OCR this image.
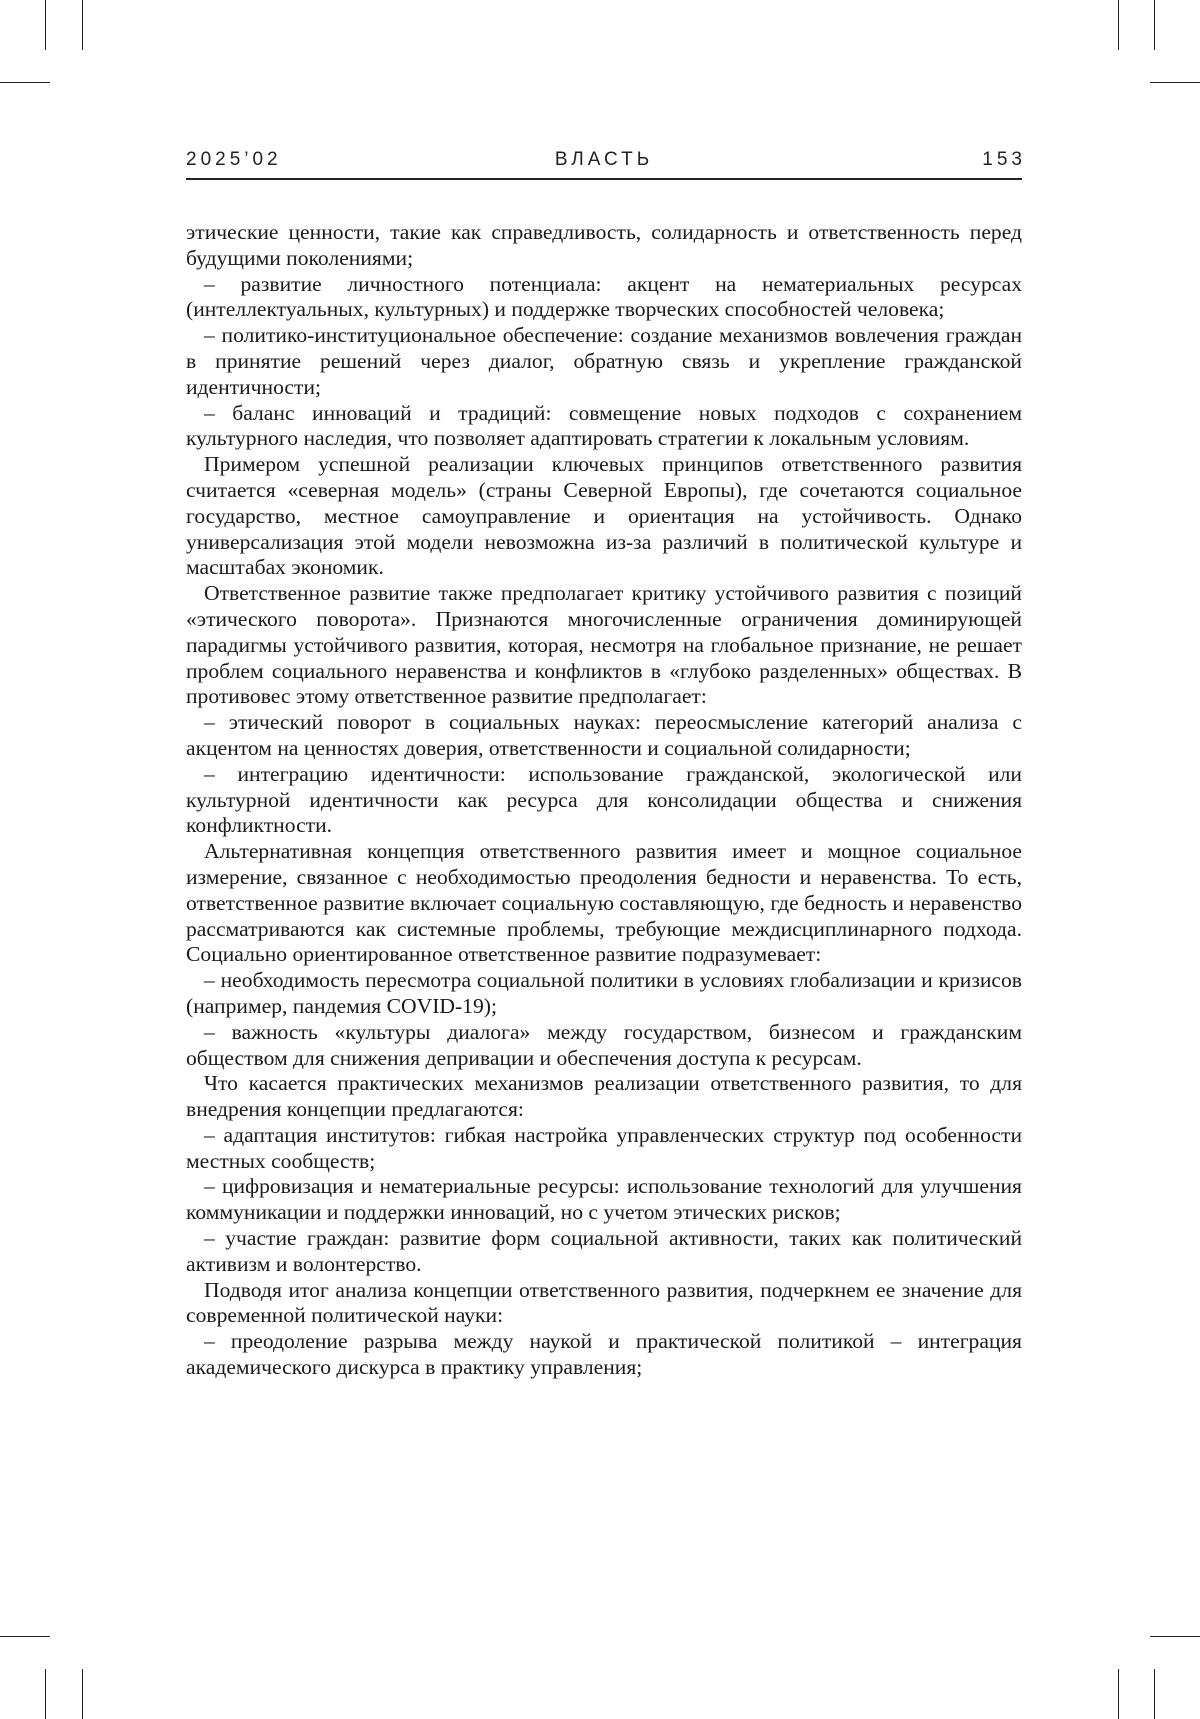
2025’02	ВЛАСТЬ	153

этические ценности, такие как справедливость, солидарность и ответственность перед будущими поколениями;

– развитие личностного потенциала: акцент на нематериальных ресурсах (интеллектуальных, культурных) и поддержке творческих способностей человека;

– политико-институциональное обеспечение: создание механизмов вовлечения граждан в принятие решений через диалог, обратную связь и укрепление гражданской идентичности;

– баланс инноваций и традиций: совмещение новых подходов с сохранением культурного наследия, что позволяет адаптировать стратегии к локальным условиям.

Примером успешной реализации ключевых принципов ответственного развития считается «северная модель» (страны Северной Европы), где сочетаются социальное государство, местное самоуправление и ориентация на устойчивость. Однако универсализация этой модели невозможна из-за различий в политической культуре и масштабах экономик.

Ответственное развитие также предполагает критику устойчивого развития с позиций «этического поворота». Признаются многочисленные ограничения доминирующей парадигмы устойчивого развития, которая, несмотря на глобальное признание, не решает проблем социального неравенства и конфликтов в «глубоко разделенных» обществах. В противовес этому ответственное развитие предполагает:

– этический поворот в социальных науках: переосмысление категорий анализа с акцентом на ценностях доверия, ответственности и социальной солидарности;

– интеграцию идентичности: использование гражданской, экологической или культурной идентичности как ресурса для консолидации общества и снижения конфликтности.

Альтернативная концепция ответственного развития имеет и мощное социальное измерение, связанное с необходимостью преодоления бедности и неравенства. То есть, ответственное развитие включает социальную составляющую, где бедность и неравенство рассматриваются как системные проблемы, требующие междисциплинарного подхода. Социально ориентированное ответственное развитие подразумевает:

– необходимость пересмотра социальной политики в условиях глобализации и кризисов (например, пандемия COVID-19);

– важность «культуры диалога» между государством, бизнесом и гражданским обществом для снижения депривации и обеспечения доступа к ресурсам.

Что касается практических механизмов реализации ответственного развития, то для внедрения концепции предлагаются:

– адаптация институтов: гибкая настройка управленческих структур под особенности местных сообществ;

– цифровизация и нематериальные ресурсы: использование технологий для улучшения коммуникации и поддержки инноваций, но с учетом этических рисков;

– участие граждан: развитие форм социальной активности, таких как политический активизм и волонтерство.

Подводя итог анализа концепции ответственного развития, подчеркнем ее значение для современной политической науки:

– преодоление разрыва между наукой и практической политикой – интеграция академического дискурса в практику управления;
